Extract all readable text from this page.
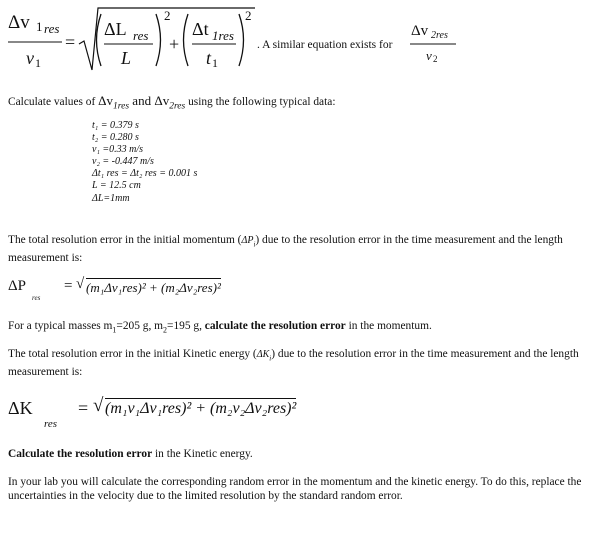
Δv 1 res
v 1
=
ΔL res
L
2
+
Δt 1res
t 1
2
. A similar equation exists for
Δv 2res
v 2
Calculate values of $\Delta v_{1res}$ and $\Delta v_{2res}$ using the following typical data:
t₁ = 0.379 s
t₂ = 0.280 s
v₁ =0.33 m/s
v₂ = -0.447 m/s
Δt₁ res = Δt₂ res = 0.001 s
L = 12.5 cm
ΔL=1mm
The total resolution error in the initial momentum $(\Delta P_i)$ due to the resolution error in the time measurement and the length measurement is:
ΔP
res
= √ (m₁Δv₁res)² + (m₂Δv₂res)²
For a typical masses $m_1=205$ g, $m_2=195$ g, calculate the resolution error in the momentum.
The total resolution error in the initial Kinetic energy $(\Delta K_i)$ due to the resolution error in the time measurement and the length measurement is:
ΔK
res
= √ (m₁v₁Δv₁res)² + (m₂v₂Δv₂res)²
Calculate the resolution error in the Kinetic energy.
In your lab you will calculate the corresponding random error in the momentum and the kinetic energy. To do this, replace the uncertainties in the velocity due to the limited resolution by the standard random error.
